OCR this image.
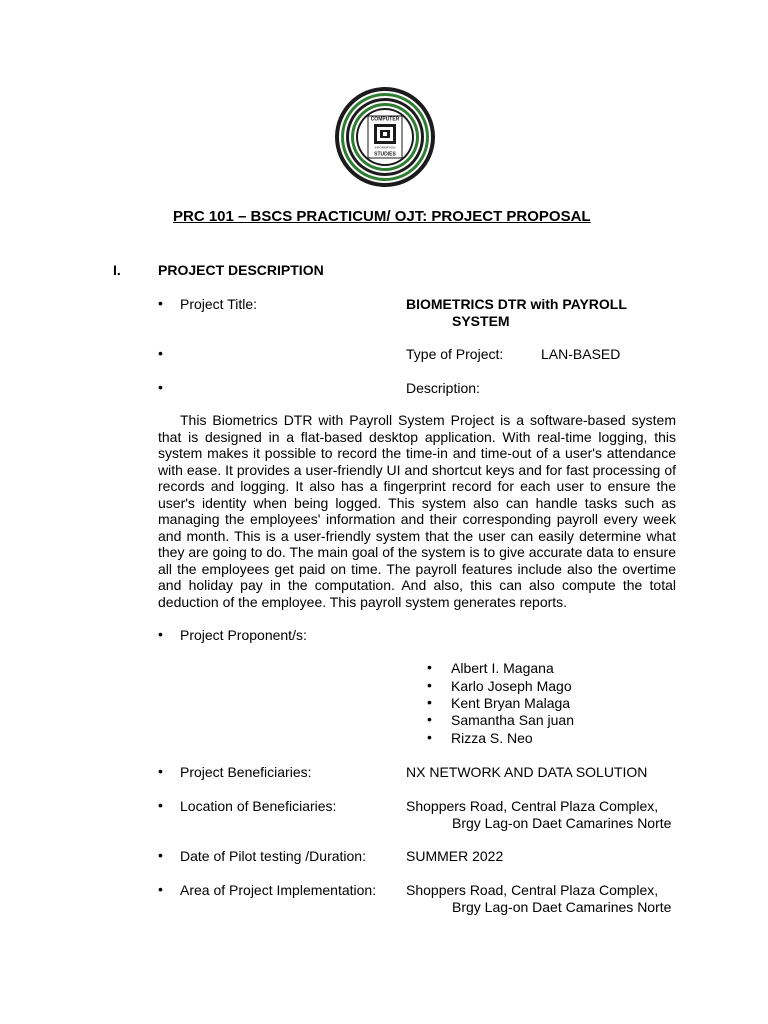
COMPUTER
INFORMATION
STUDIES
PRC 101 – BSCS PRACTICUM/ OJT: PROJECT PROPOSAL
I.	PROJECT DESCRIPTION
• Project Title:	BIOMETRICS DTR with PAYROLL
SYSTEM
•	Type of Project:	LAN-BASED
•	Description:
This Biometrics DTR with Payroll System Project is a software-based system that is designed in a flat-based desktop application. With real-time logging, this system makes it possible to record the time-in and time-out of a user's attendance with ease. It provides a user-friendly UI and shortcut keys and for fast processing of records and logging. It also has a fingerprint record for each user to ensure the user's identity when being logged. This system also can handle tasks such as managing the employees' information and their corresponding payroll every week and month. This is a user-friendly system that the user can easily determine what they are going to do. The main goal of the system is to give accurate data to ensure all the employees get paid on time. The payroll features include also the overtime and holiday pay in the computation. And also, this can also compute the total deduction of the employee. This payroll system generates reports.
• Project Proponent/s:
• Albert I. Magana
• Karlo Joseph Mago
• Kent Bryan Malaga
• Samantha San juan
• Rizza S. Neo
• Project Beneficiaries:	NX NETWORK AND DATA SOLUTION
• Location of Beneficiaries:	Shoppers Road, Central Plaza Complex,
Brgy Lag-on Daet Camarines Norte
• Date of Pilot testing /Duration:	SUMMER 2022
• Area of Project Implementation: Shoppers Road, Central Plaza Complex,
Brgy Lag-on Daet Camarines Norte
